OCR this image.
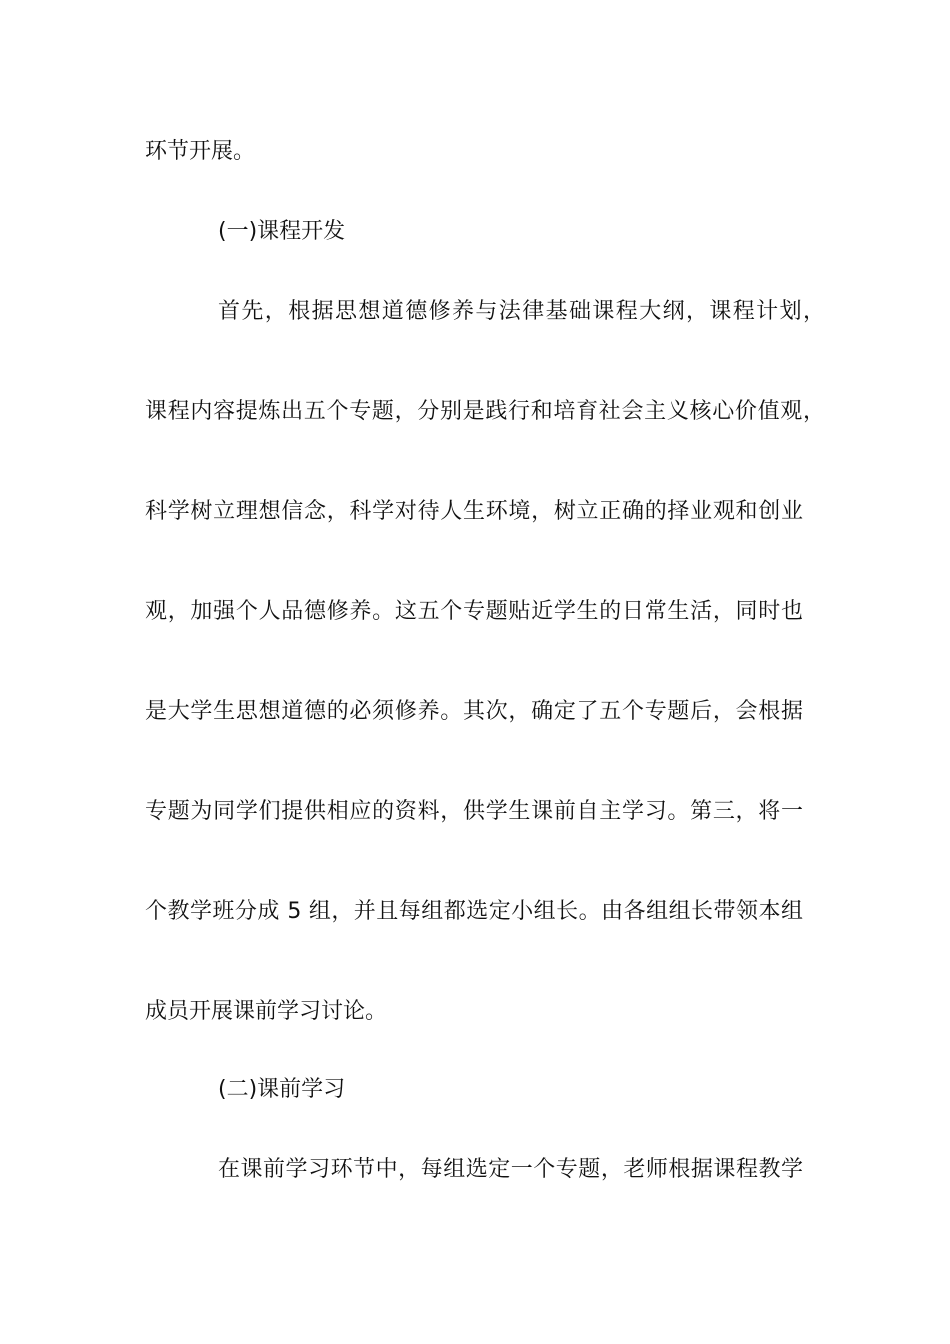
环节开展。
(一)课程开发
首先，根据思想道德修养与法律基础课程大纲，课程计划，
课程内容提炼出五个专题，分别是践行和培育社会主义核心价值观，
科学树立理想信念，科学对待人生环境，树立正确的择业观和创业
观，加强个人品德修养。这五个专题贴近学生的日常生活，同时也
是大学生思想道德的必须修养。其次，确定了五个专题后，会根据
专题为同学们提供相应的资料，供学生课前自主学习。第三，将一
个教学班分成 5 组，并且每组都选定小组长。由各组组长带领本组
成员开展课前学习讨论。
(二)课前学习
在课前学习环节中，每组选定一个专题，老师根据课程教学
